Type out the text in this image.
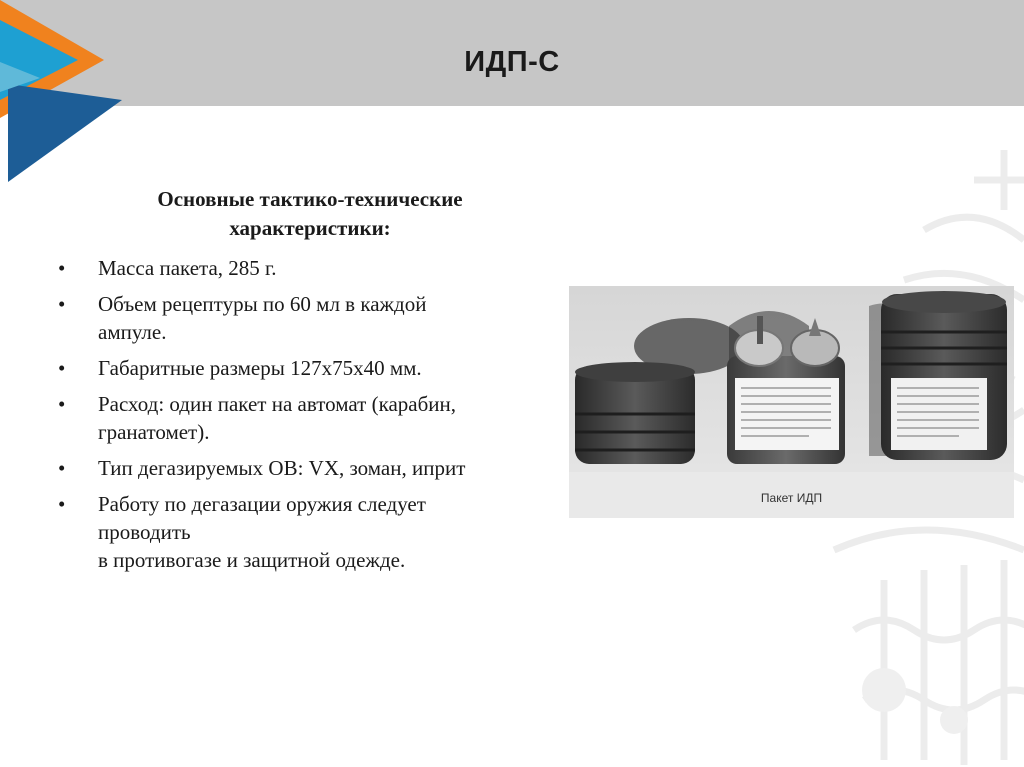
ИДП-С
Основные тактико-технические
характеристики:
• Масса пакета, 285 г.
• Объем рецептуры по 60 мл в каждой
ампуле.
• Габаритные размеры 127х75х40 мм.
• Расход: один пакет на автомат (карабин,
гранатомет).
• Тип дегазируемых ОВ: VX, зоман, иприт
• Работу по дегазации оружия следует
проводить
в противогазе и защитной одежде.
Пакет ИДП
